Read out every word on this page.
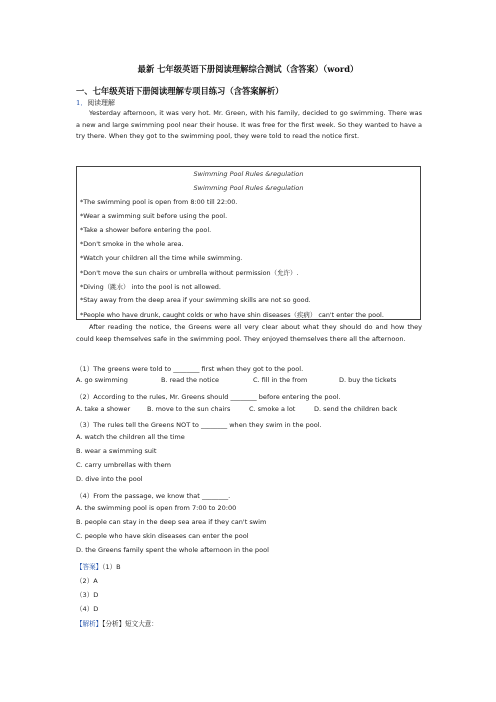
最新 七年级英语下册阅读理解综合测试（含答案）（word）
一、七年级英语下册阅读理解专项目练习（含答案解析）
1．阅读理解
Yesterday afternoon, it was very hot. Mr. Green, with his family, decided to go swimming. There was a new and large swimming pool near their house. It was free for the first week. So they wanted to have a try there. When they got to the swimming pool, they were told to read the notice first.
Swimming Pool Rules &regulation
Swimming Pool Rules &regulation
*The swimming pool is open from 8:00 till 22:00.
*Wear a swimming suit before using the pool.
*Take a shower before entering the pool.
*Don't smoke in the whole area.
*Watch your children all the time while swimming.
*Don't move the sun chairs or umbrella without permission（允许）.
*Diving（跳水） into the pool is not allowed.
*Stay away from the deep area if your swimming skills are not so good.
*People who have drunk, caught colds or who have shin diseases（疾病） can't enter the pool.
After reading the notice, the Greens were all very clear about what they should do and how they could keep themselves safe in the swimming pool. They enjoyed themselves there all the afternoon.
（1）The greens were told to ________ first when they got to the pool.
A. go swimming	B. read the notice	C. fill in the from	D. buy the tickets
（2）According to the rules, Mr. Greens should ________ before entering the pool.
A. take a shower	B. move to the sun chairs	C. smoke a lot	D. send the children back
（3）The rules tell the Greens NOT to ________ when they swim in the pool.
A. watch the children all the time
B. wear a swimming suit
C. carry umbrellas with them
D. dive into the pool
（4）From the passage, we know that ________.
A. the swimming pool is open from 7:00 to 20:00
B. people can stay in the deep sea area if they can't swim
C. people who have skin diseases can enter the pool
D. the Greens family spent the whole afternoon in the pool
【答案】（1）B
（2）A
（3）D
（4）D
【解析】【分析】短文大意：
